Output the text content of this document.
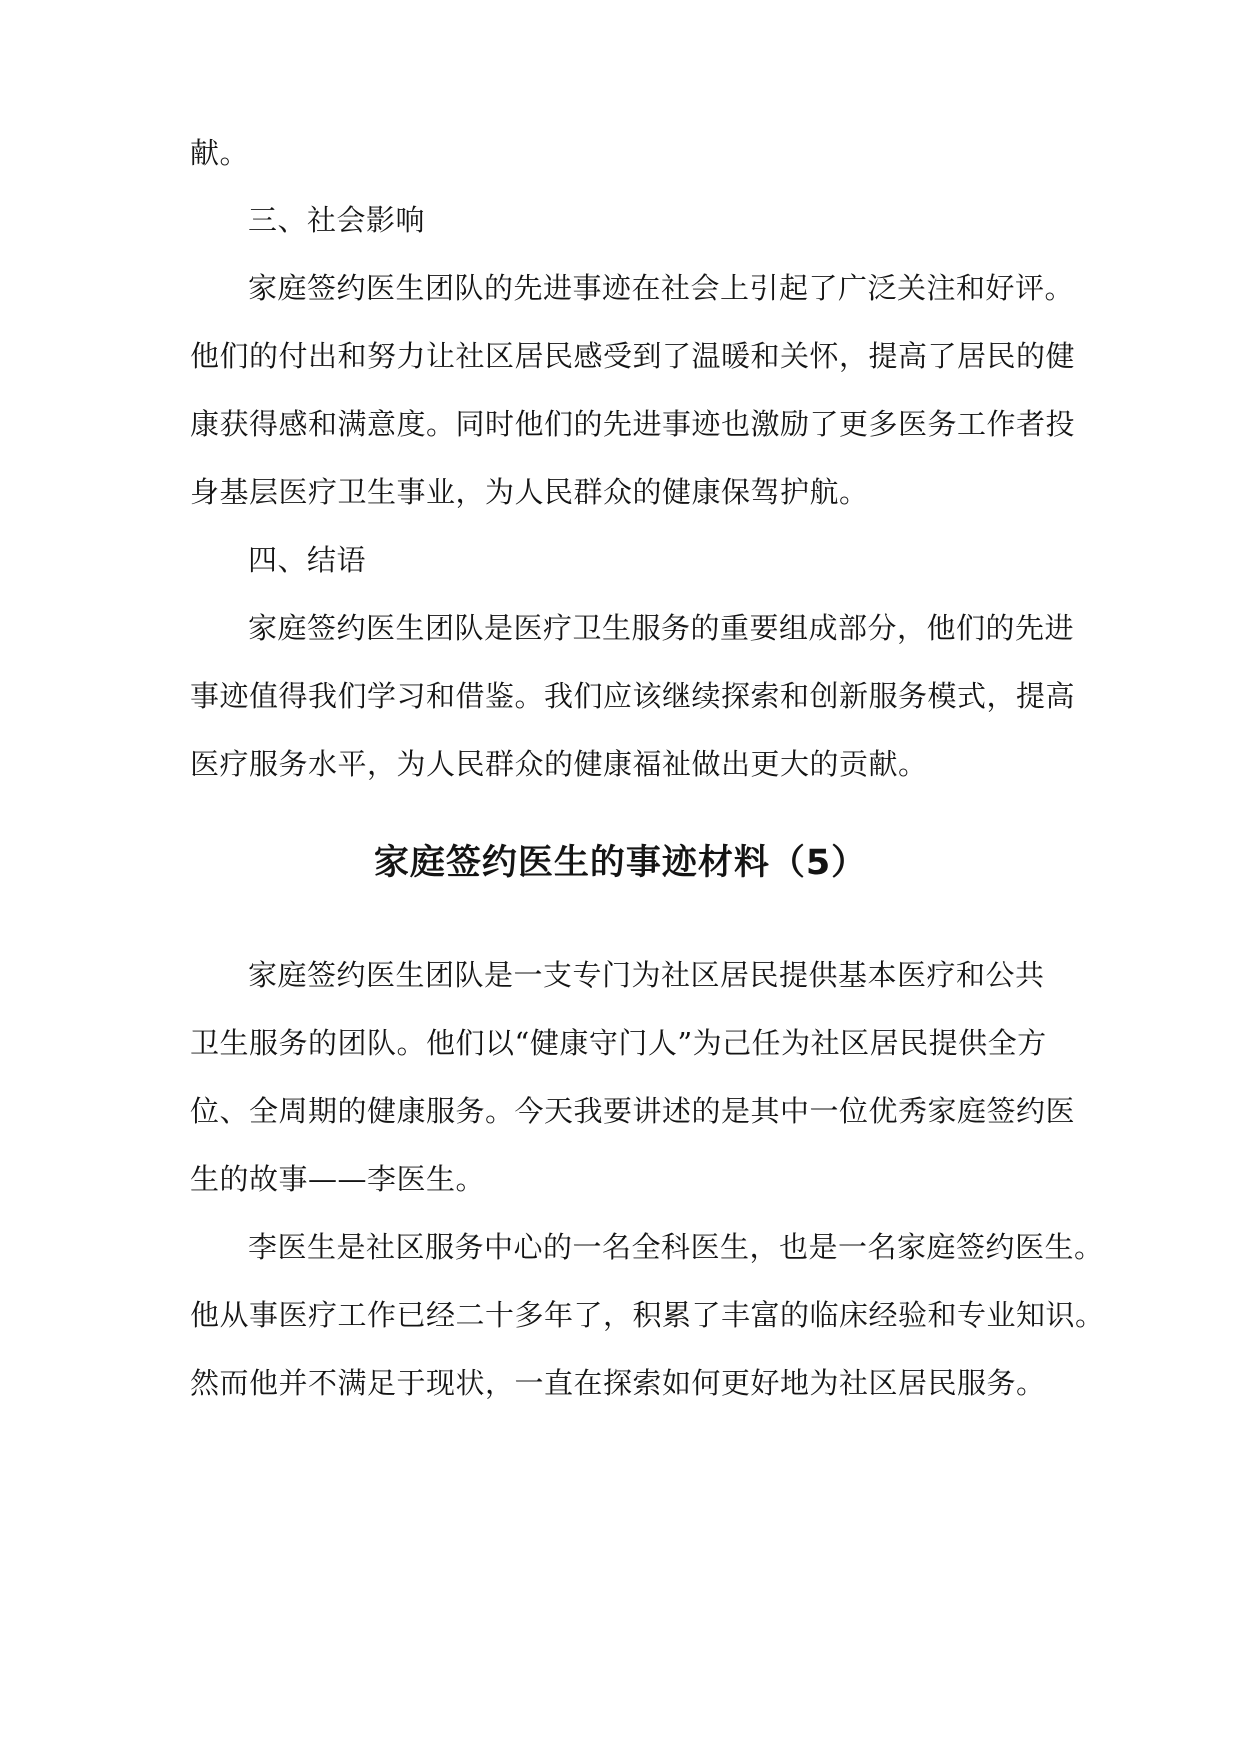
献。
三、社会影响
家庭签约医生团队的先进事迹在社会上引起了广泛关注和好评。
他们的付出和努力让社区居民感受到了温暖和关怀，提高了居民的健
康获得感和满意度。同时他们的先进事迹也激励了更多医务工作者投
身基层医疗卫生事业，为人民群众的健康保驾护航。
四、结语
家庭签约医生团队是医疗卫生服务的重要组成部分，他们的先进
事迹值得我们学习和借鉴。我们应该继续探索和创新服务模式，提高
医疗服务水平，为人民群众的健康福祉做出更大的贡献。
家庭签约医生的事迹材料（5）
家庭签约医生团队是一支专门为社区居民提供基本医疗和公共
卫生服务的团队。他们以“健康守门人”为己任为社区居民提供全方
位、全周期的健康服务。今天我要讲述的是其中一位优秀家庭签约医
生的故事——李医生。
李医生是社区服务中心的一名全科医生，也是一名家庭签约医生。
他从事医疗工作已经二十多年了，积累了丰富的临床经验和专业知识。
然而他并不满足于现状，一直在探索如何更好地为社区居民服务。
